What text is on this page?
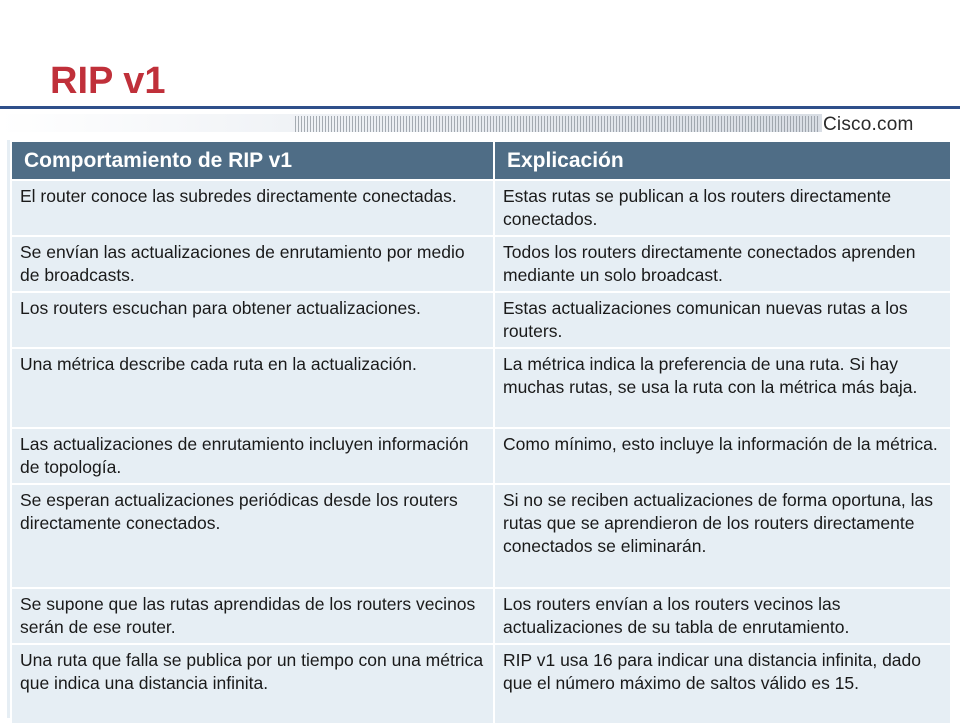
RIP v1
Cisco.com
Comportamiento de RIP v1	Explicación
El router conoce las subredes directamente conectadas.	Estas rutas se publican a los routers directamente conectados.
Se envían las actualizaciones de enrutamiento por medio de broadcasts.	Todos los routers directamente conectados aprenden mediante un solo broadcast.
Los routers escuchan para obtener actualizaciones.	Estas actualizaciones comunican nuevas rutas a los routers.
Una métrica describe cada ruta en la actualización.	La métrica indica la preferencia de una ruta. Si hay muchas rutas, se usa la ruta con la métrica más baja.
Las actualizaciones de enrutamiento incluyen información de topología.	Como mínimo, esto incluye la información de la métrica.
Se esperan actualizaciones periódicas desde los routers directamente conectados.	Si no se reciben actualizaciones de forma oportuna, las rutas que se aprendieron de los routers directamente conectados se eliminarán.
Se supone que las rutas aprendidas de los routers vecinos serán de ese router.	Los routers envían a los routers vecinos las actualizaciones de su tabla de enrutamiento.
Una ruta que falla se publica por un tiempo con una métrica que indica una distancia infinita.	RIP v1 usa 16 para indicar una distancia infinita, dado que el número máximo de saltos válido es 15.
